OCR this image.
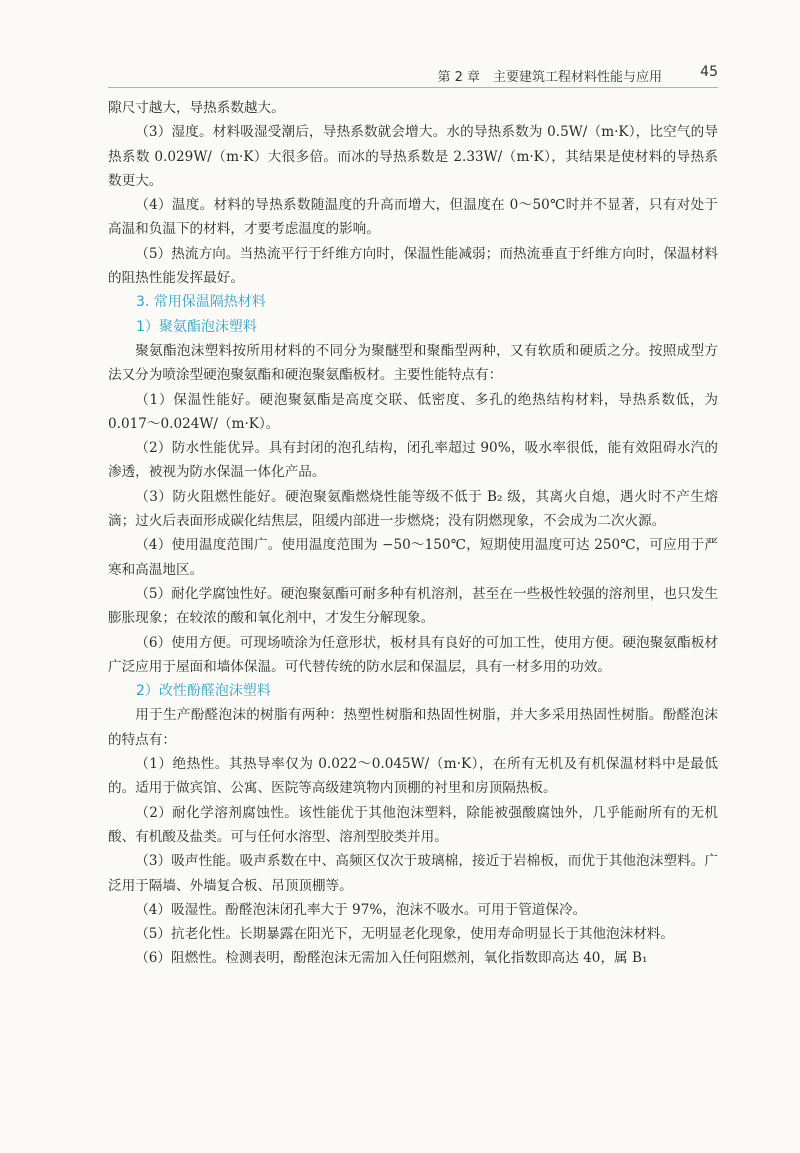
第 2 章　主要建筑工程材料性能与应用	45

隙尺寸越大，导热系数越大。

（3）湿度。材料吸湿受潮后，导热系数就会增大。水的导热系数为 0.5W/（m·K），比空气的导热系数 0.029W/（m·K）大很多倍。而冰的导热系数是 2.33W/（m·K），其结果是使材料的导热系数更大。

（4）温度。材料的导热系数随温度的升高而增大，但温度在 0～50℃时并不显著，只有对处于高温和负温下的材料，才要考虑温度的影响。

（5）热流方向。当热流平行于纤维方向时，保温性能减弱；而热流垂直于纤维方向时，保温材料的阻热性能发挥最好。

3. 常用保温隔热材料
1）聚氨酯泡沫塑料

聚氨酯泡沫塑料按所用材料的不同分为聚醚型和聚酯型两种，又有软质和硬质之分。按照成型方法又分为喷涂型硬泡聚氨酯和硬泡聚氨酯板材。主要性能特点有：

（1）保温性能好。硬泡聚氨酯是高度交联、低密度、多孔的绝热结构材料，导热系数低，为 0.017～0.024W/（m·K）。

（2）防水性能优异。具有封闭的泡孔结构，闭孔率超过 90%，吸水率很低，能有效阻碍水汽的渗透，被视为防水保温一体化产品。

（3）防火阻燃性能好。硬泡聚氨酯燃烧性能等级不低于 B₂ 级，其离火自熄，遇火时不产生熔滴；过火后表面形成碳化结焦层，阻缓内部进一步燃烧；没有阴燃现象，不会成为二次火源。

（4）使用温度范围广。使用温度范围为 −50～150℃，短期使用温度可达 250℃，可应用于严寒和高温地区。

（5）耐化学腐蚀性好。硬泡聚氨酯可耐多种有机溶剂，甚至在一些极性较强的溶剂里，也只发生膨胀现象；在较浓的酸和氧化剂中，才发生分解现象。

（6）使用方便。可现场喷涂为任意形状，板材具有良好的可加工性，使用方便。硬泡聚氨酯板材广泛应用于屋面和墙体保温。可代替传统的防水层和保温层，具有一材多用的功效。

2）改性酚醛泡沫塑料

用于生产酚醛泡沫的树脂有两种：热塑性树脂和热固性树脂，并大多采用热固性树脂。酚醛泡沫的特点有：

（1）绝热性。其热导率仅为 0.022～0.045W/（m·K），在所有无机及有机保温材料中是最低的。适用于做宾馆、公寓、医院等高级建筑物内顶棚的衬里和房顶隔热板。

（2）耐化学溶剂腐蚀性。该性能优于其他泡沫塑料，除能被强酸腐蚀外，几乎能耐所有的无机酸、有机酸及盐类。可与任何水溶型、溶剂型胶类并用。

（3）吸声性能。吸声系数在中、高频区仅次于玻璃棉，接近于岩棉板，而优于其他泡沫塑料。广泛用于隔墙、外墙复合板、吊顶顶棚等。

（4）吸湿性。酚醛泡沫闭孔率大于 97%，泡沫不吸水。可用于管道保冷。

（5）抗老化性。长期暴露在阳光下，无明显老化现象，使用寿命明显长于其他泡沫材料。

（6）阻燃性。检测表明，酚醛泡沫无需加入任何阻燃剂，氧化指数即高达 40，属 B₁
